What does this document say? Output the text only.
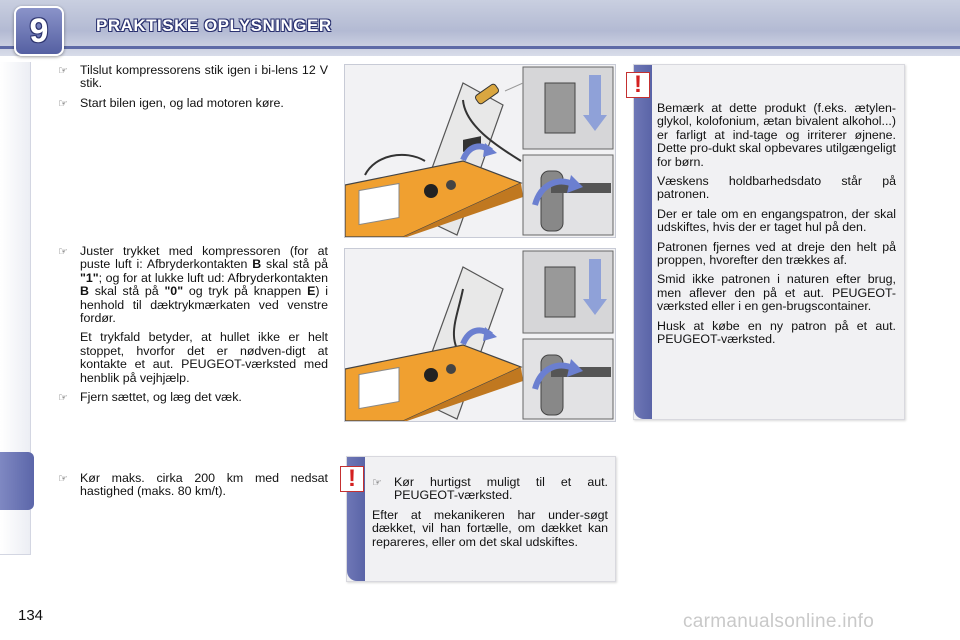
9	PRAKTISKE OPLYSNINGER
☞ Tilslut kompressorens stik igen i bi-lens 12 V stik.
☞ Start bilen igen, og lad motoren køre.
☞ Juster trykket med kompressoren (for at puste luft i: Afbryderkontakten B skal stå på "1"; og for at lukke luft ud: Afbryderkontakten B skal stå på "0" og tryk på knappen E) i henhold til dæktrykmærkaten ved venstre fordør.

Et trykfald betyder, at hullet ikke er helt stoppet, hvorfor det er nødven-digt at kontakte et aut. PEUGEOT-værksted med henblik på vejhjælp.

☞ Fjern sættet, og læg det væk.
☞ Kør maks. cirka 200 km med nedsat hastighed (maks. 80 km/t).
!

Bemærk at dette produkt (f.eks. ætylen-glykol, kolofonium, ætan bivalent alkohol...) er farligt at ind-tage og irriterer øjnene. Dette pro-dukt skal opbevares utilgængeligt for børn.

Væskens holdbarhedsdato står på patronen.

Der er tale om en engangspatron, der skal udskiftes, hvis der er taget hul på den.

Patronen fjernes ved at dreje den helt på proppen, hvorefter den trækkes af.

Smid ikke patronen i naturen efter brug, men aflever den på et aut. PEUGEOT-værksted eller i en gen-brugscontainer.

Husk at købe en ny patron på et aut. PEUGEOT-værksted.

! ☞ Kør hurtigst muligt til et aut. PEUGEOT-værksted.

Efter at mekanikeren har under-søgt dækket, vil han fortælle, om dækket kan repareres, eller om det skal udskiftes.

134	carmanualsonline.info
